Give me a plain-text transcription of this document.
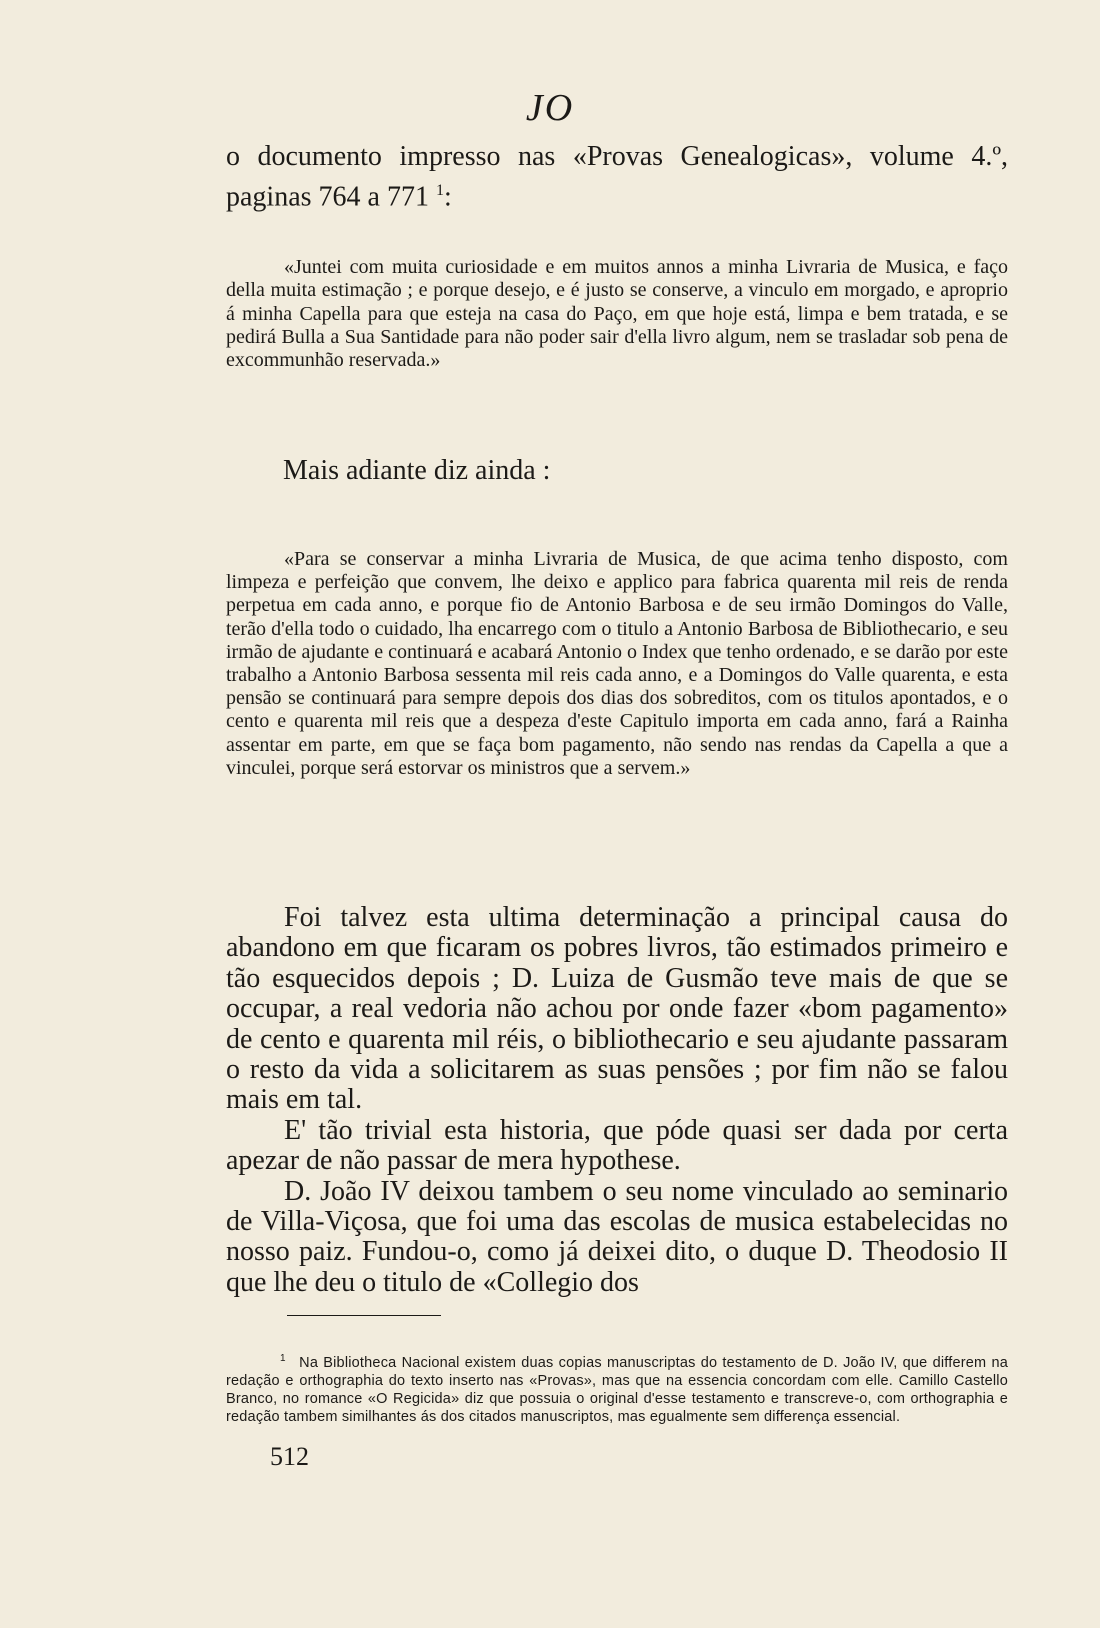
JO
o documento impresso nas «Provas Genealogicas», volume 4.º, paginas 764 a 771 $^1$:
«Juntei com muita curiosidade e em muitos annos a minha Livraria de Musica, e faço della muita estimação ; e porque desejo, e é justo se conserve, a vinculo em morgado, e aproprio á minha Capella para que esteja na casa do Paço, em que hoje está, limpa e bem tratada, e se pedirá Bulla a Sua Santidade para não poder sair d'ella livro algum, nem se trasladar sob pena de excommunhão reservada.»
Mais adiante diz ainda :
«Para se conservar a minha Livraria de Musica, de que acima tenho disposto, com limpeza e perfeição que convem, lhe deixo e applico para fabrica quarenta mil reis de renda perpetua em cada anno, e porque fio de Antonio Barbosa e de seu irmão Domingos do Valle, terão d'ella todo o cuidado, lha encarrego com o titulo a Antonio Barbosa de Bibliothecario, e seu irmão de ajudante e continuará e acabará Antonio o Index que tenho ordenado, e se darão por este trabalho a Antonio Barbosa sessenta mil reis cada anno, e a Domingos do Valle quarenta, e esta pensão se continuará para sempre depois dos dias dos sobreditos, com os titulos apontados, e o cento e quarenta mil reis que a despeza d'este Capitulo importa em cada anno, fará a Rainha assentar em parte, em que se faça bom pagamento, não sendo nas rendas da Capella a que a vinculei, porque será estorvar os ministros que a servem.»

Foi talvez esta ultima determinação a principal causa do abandono em que ficaram os pobres livros, tão estimados primeiro e tão esquecidos depois ; D. Luiza de Gusmão teve mais de que se occupar, a real vedoria não achou por onde fazer «bom pagamento» de cento e quarenta mil réis, o bibliothecario e seu ajudante passaram o resto da vida a solicitarem as suas pensões ; por fim não se falou mais em tal.

E' tão trivial esta historia, que póde quasi ser dada por certa apezar de não passar de mera hypothese.

D. João IV deixou tambem o seu nome vinculado ao seminario de Villa-Viçosa, que foi uma das escolas de musica estabelecidas no nosso paiz. Fundou-o, como já deixei dito, o duque D. Theodosio II que lhe deu o titulo de «Collegio dos

1 Na Bibliotheca Nacional existem duas copias manuscriptas do testamento de D. João IV, que differem na redação e orthographia do texto inserto nas «Provas», mas que na essencia concordam com elle. Camillo Castello Branco, no romance «O Regicida» diz que possuia o original d'esse testamento e transcreve-o, com orthographia e redação tambem similhantes ás dos citados manuscriptos, mas egualmente sem differença essencial.
512
